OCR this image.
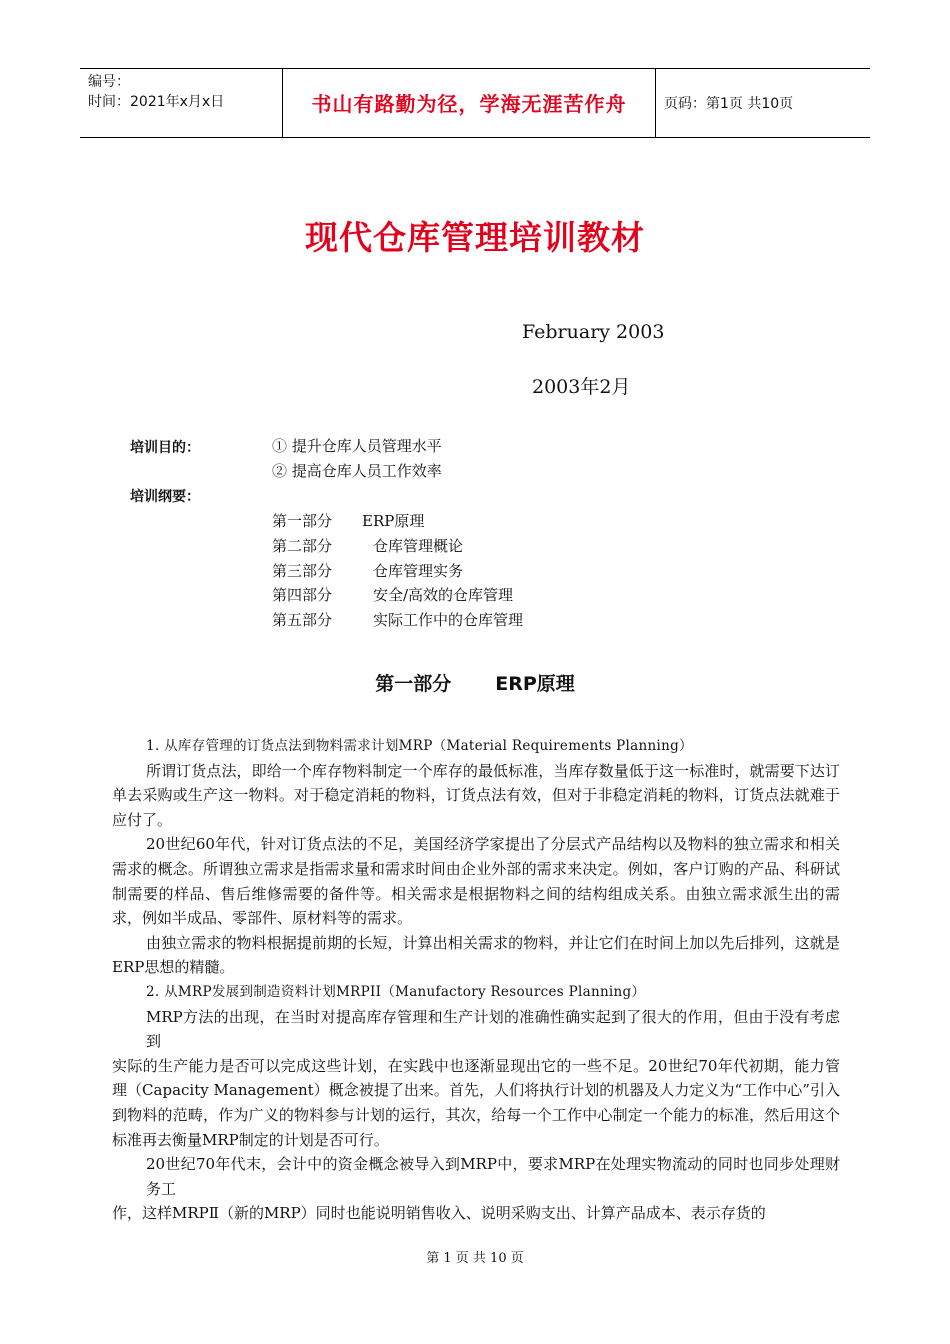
编号：
时间：2021年x月x日	书山有路勤为径，学海无涯苦作舟	页码：第1页 共10页
现代仓库管理培训教材
February 2003
2003年2月
培训目的：	① 提升仓库人员管理水平
② 提高仓库人员工作效率
培训纲要：
第一部分 ERP原理
第二部分	仓库管理概论
第三部分	仓库管理实务
第四部分	安全/高效的仓库管理
第五部分	实际工作中的仓库管理
第一部分 ERP原理

1. 从库存管理的订货点法到物料需求计划MRP（Material Requirements Planning）

所谓订货点法，即给一个库存物料制定一个库存的最低标准，当库存数量低于这一标准时，就需要下达订单去采购或生产这一物料。对于稳定消耗的物料，订货点法有效，但对于非稳定消耗的物料，订货点法就难于应付了。

20世纪60年代，针对订货点法的不足，美国经济学家提出了分层式产品结构以及物料的独立需求和相关需求的概念。所谓独立需求是指需求量和需求时间由企业外部的需求来决定。例如，客户订购的产品、科研试制需要的样品、售后维修需要的备件等。相关需求是根据物料之间的结构组成关系。由独立需求派生出的需求，例如半成品、零部件、原材料等的需求。

由独立需求的物料根据提前期的长短，计算出相关需求的物料，并让它们在时间上加以先后排列，这就是ERP思想的精髓。

2. 从MRP发展到制造资料计划MRPII（Manufactory Resources Planning）

MRP方法的出现，在当时对提高库存管理和生产计划的准确性确实起到了很大的作用，但由于没有考虑到

实际的生产能力是否可以完成这些计划，在实践中也逐渐显现出它的一些不足。20世纪70年代初期，能力管理（Capacity Management）概念被提了出来。首先，人们将执行计划的机器及人力定义为“工作中心”引入到物料的范畴，作为广义的物料参与计划的运行，其次，给每一个工作中心制定一个能力的标准，然后用这个标准再去衡量MRP制定的计划是否可行。

20世纪70年代末，会计中的资金概念被导入到MRP中，要求MRP在处理实物流动的同时也同步处理财务工

作，这样MRPⅡ（新的MRP）同时也能说明销售收入、说明采购支出、计算产品成本、表示存货的

第 1 页 共 10 页
